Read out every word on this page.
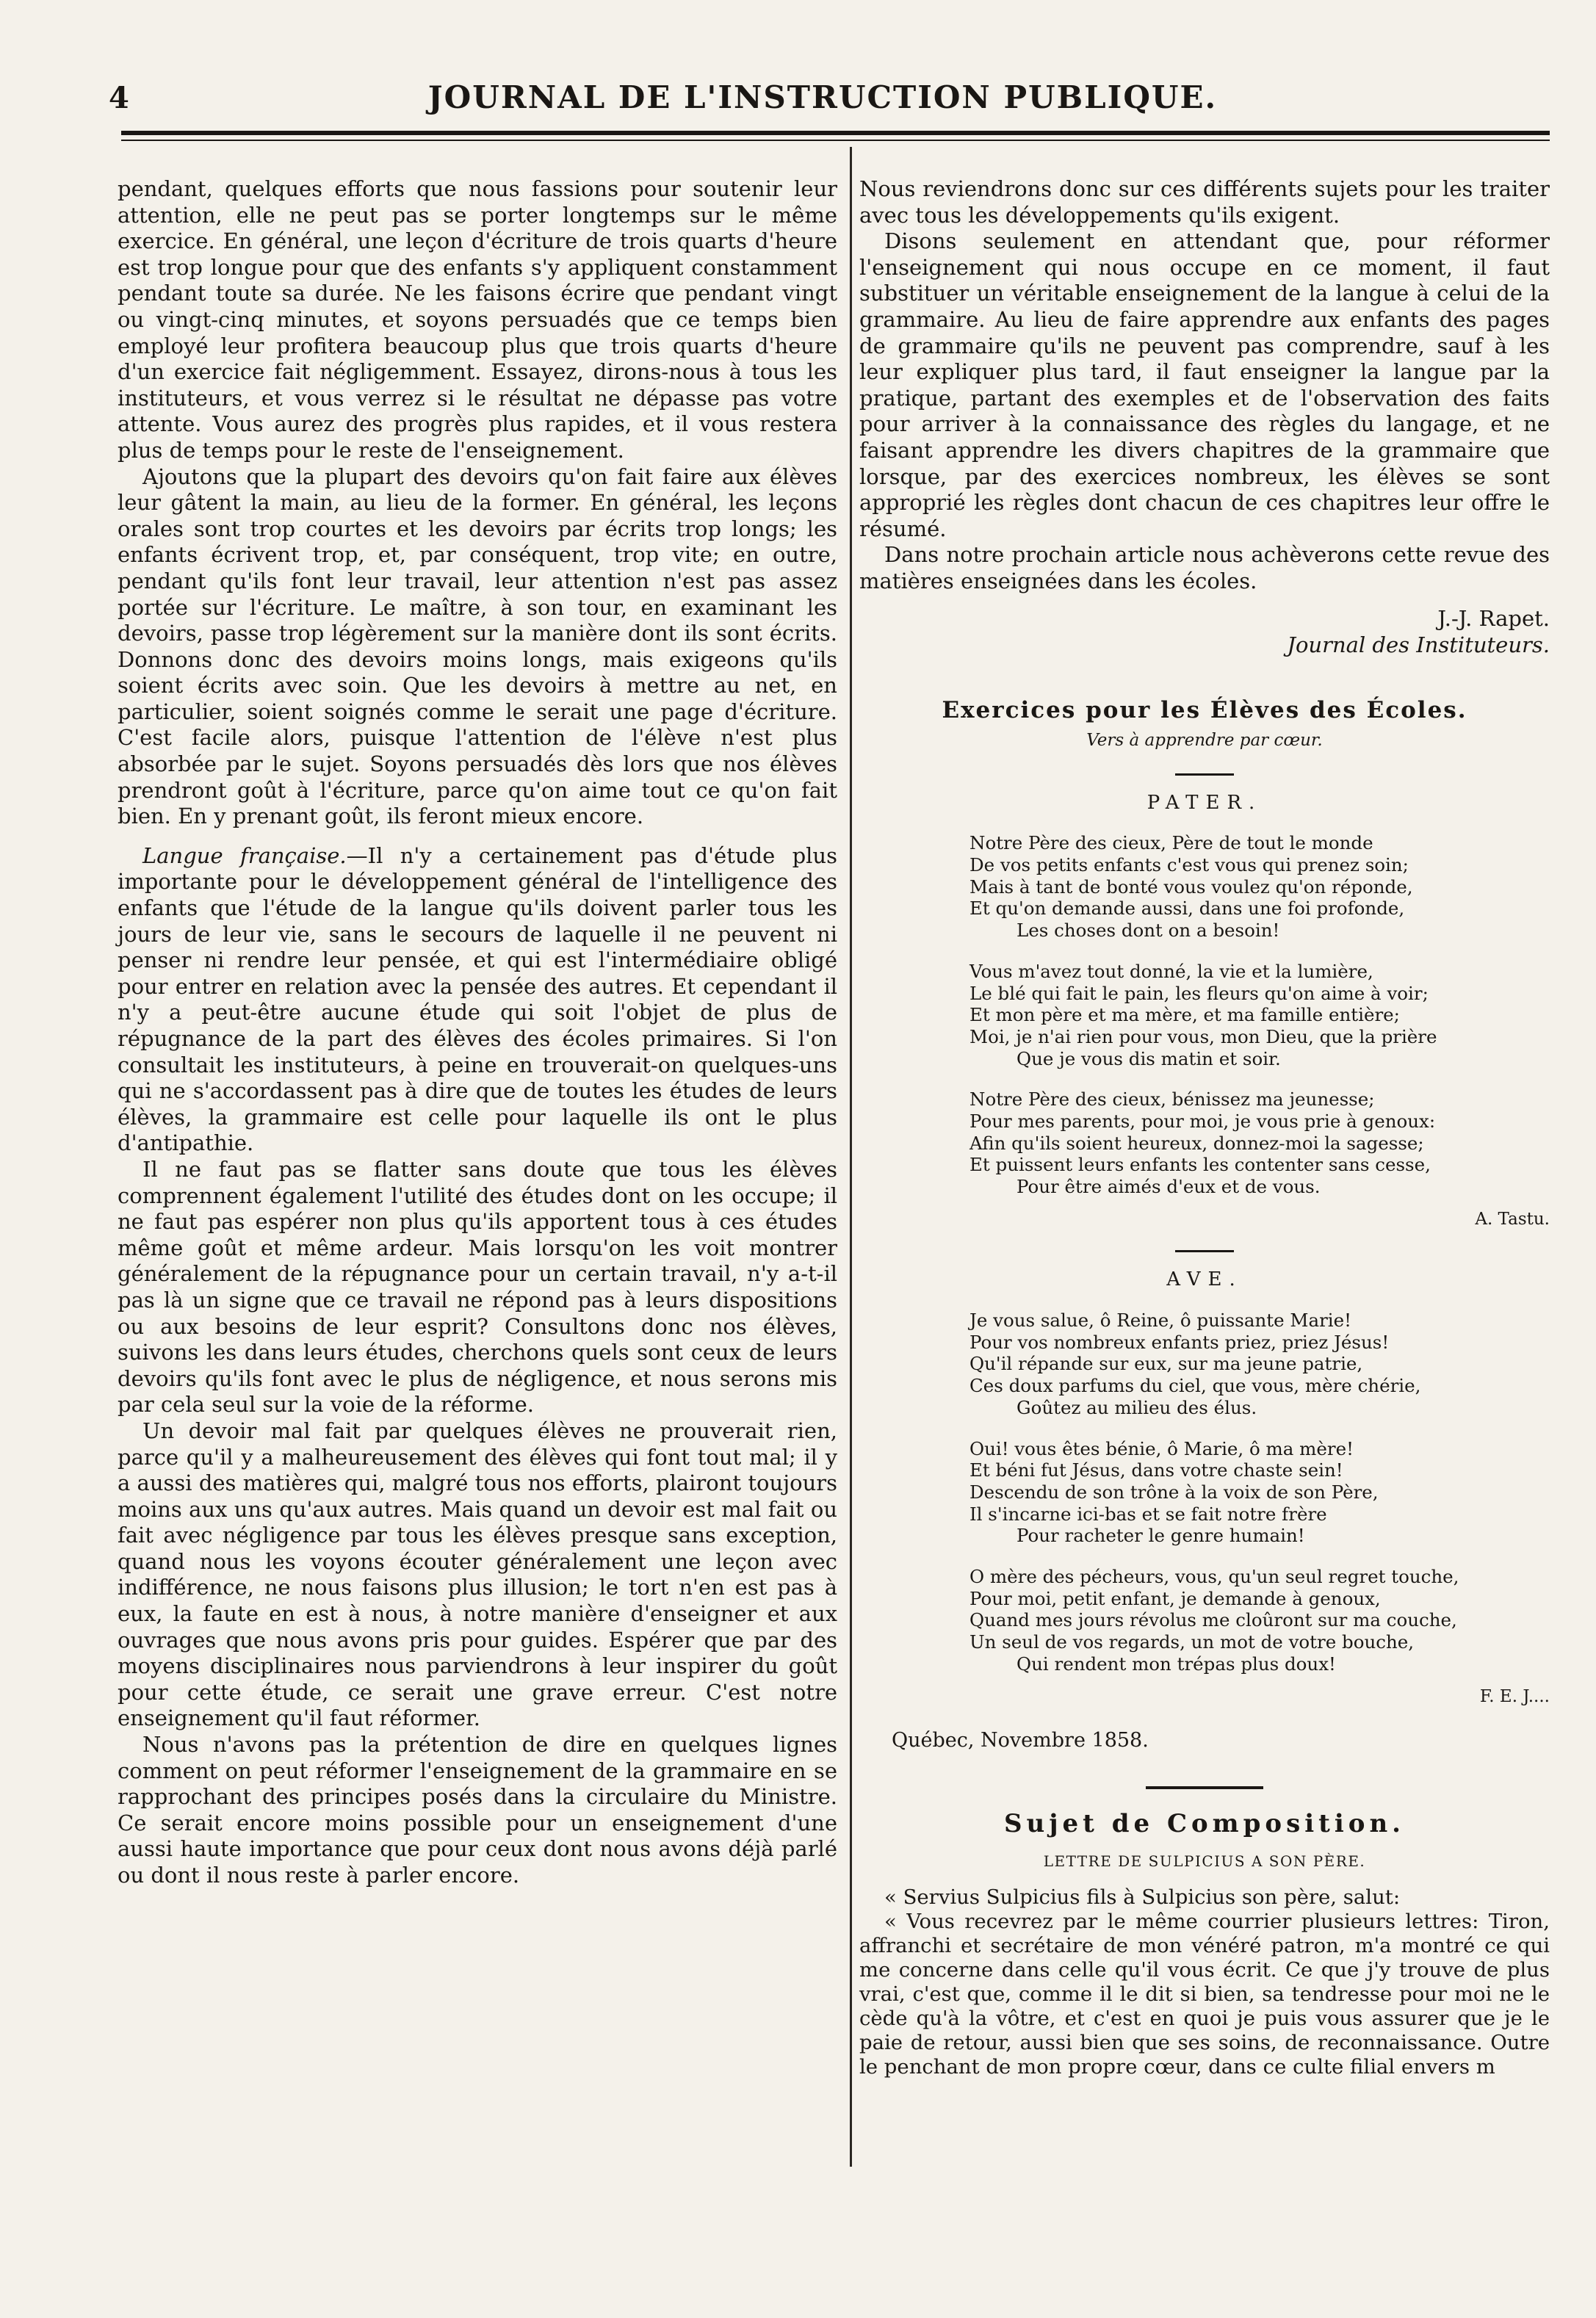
4	JOURNAL DE L'INSTRUCTION PUBLIQUE.

pendant, quelques efforts que nous fassions pour soutenir leur attention, elle ne peut pas se porter longtemps sur le même exercice. En général, une leçon d'écriture de trois quarts d'heure est trop longue pour que des enfants s'y appliquent constamment pendant toute sa durée. Ne les faisons écrire que pendant vingt ou vingt-cinq minutes, et soyons persuadés que ce temps bien employé leur profitera beaucoup plus que trois quarts d'heure d'un exercice fait négligemment. Essayez, dirons-nous à tous les instituteurs, et vous verrez si le résultat ne dépasse pas votre attente. Vous aurez des progrès plus rapides, et il vous restera plus de temps pour le reste de l'enseignement.

Ajoutons que la plupart des devoirs qu'on fait faire aux élèves leur gâtent la main, au lieu de la former. En général, les leçons orales sont trop courtes et les devoirs par écrits trop longs; les enfants écrivent trop, et, par conséquent, trop vite; en outre, pendant qu'ils font leur travail, leur attention n'est pas assez portée sur l'écriture. Le maître, à son tour, en examinant les devoirs, passe trop légèrement sur la manière dont ils sont écrits. Donnons donc des devoirs moins longs, mais exigeons qu'ils soient écrits avec soin. Que les devoirs à mettre au net, en particulier, soient soignés comme le serait une page d'écriture. C'est facile alors, puisque l'attention de l'élève n'est plus absorbée par le sujet. Soyons persuadés dès lors que nos élèves prendront goût à l'écriture, parce qu'on aime tout ce qu'on fait bien. En y prenant goût, ils feront mieux encore.

Langue française.—Il n'y a certainement pas d'étude plus importante pour le développement général de l'intelligence des enfants que l'étude de la langue qu'ils doivent parler tous les jours de leur vie, sans le secours de laquelle il ne peuvent ni penser ni rendre leur pensée, et qui est l'intermédiaire obligé pour entrer en relation avec la pensée des autres. Et cependant il n'y a peut-être aucune étude qui soit l'objet de plus de répugnance de la part des élèves des écoles primaires. Si l'on consultait les instituteurs, à peine en trouverait-on quelques-uns qui ne s'accordassent pas à dire que de toutes les études de leurs élèves, la grammaire est celle pour laquelle ils ont le plus d'antipathie.

Il ne faut pas se flatter sans doute que tous les élèves comprennent également l'utilité des études dont on les occupe; il ne faut pas espérer non plus qu'ils apportent tous à ces études même goût et même ardeur. Mais lorsqu'on les voit montrer généralement de la répugnance pour un certain travail, n'y a-t-il pas là un signe que ce travail ne répond pas à leurs dispositions ou aux besoins de leur esprit? Consultons donc nos élèves, suivons les dans leurs études, cherchons quels sont ceux de leurs devoirs qu'ils font avec le plus de négligence, et nous serons mis par cela seul sur la voie de la réforme.

Un devoir mal fait par quelques élèves ne prouverait rien, parce qu'il y a malheureusement des élèves qui font tout mal; il y a aussi des matières qui, malgré tous nos efforts, plairont toujours moins aux uns qu'aux autres. Mais quand un devoir est mal fait ou fait avec négligence par tous les élèves presque sans exception, quand nous les voyons écouter généralement une leçon avec indifférence, ne nous faisons plus illusion; le tort n'en est pas à eux, la faute en est à nous, à notre manière d'enseigner et aux ouvrages que nous avons pris pour guides. Espérer que par des moyens disciplinaires nous parviendrons à leur inspirer du goût pour cette étude, ce serait une grave erreur. C'est notre enseignement qu'il faut réformer.

Nous n'avons pas la prétention de dire en quelques lignes comment on peut réformer l'enseignement de la grammaire en se rapprochant des principes posés dans la circulaire du Ministre. Ce serait encore moins possible pour un enseignement d'une aussi haute importance que pour ceux dont nous avons déjà parlé ou dont il nous reste à parler encore.

Nous reviendrons donc sur ces différents sujets pour les traiter avec tous les développements qu'ils exigent.

Disons seulement en attendant que, pour réformer l'enseignement qui nous occupe en ce moment, il faut substituer un véritable enseignement de la langue à celui de la grammaire. Au lieu de faire apprendre aux enfants des pages de grammaire qu'ils ne peuvent pas comprendre, sauf à les leur expliquer plus tard, il faut enseigner la langue par la pratique, partant des exemples et de l'observation des faits pour arriver à la connaissance des règles du langage, et ne faisant apprendre les divers chapitres de la grammaire que lorsque, par des exercices nombreux, les élèves se sont approprié les règles dont chacun de ces chapitres leur offre le résumé.

Dans notre prochain article nous achèverons cette revue des matières enseignées dans les écoles.

J.-J. Rapet.
Journal des Instituteurs.
Exercices pour les Élèves des Écoles.
Vers à apprendre par cœur.
PATER.
Notre Père des cieux, Père de tout le monde
De vos petits enfants c'est vous qui prenez soin;
Mais à tant de bonté vous voulez qu'on réponde,
Et qu'on demande aussi, dans une foi profonde,
Les choses dont on a besoin!
Vous m'avez tout donné, la vie et la lumière,
Le blé qui fait le pain, les fleurs qu'on aime à voir;
Et mon père et ma mère, et ma famille entière;
Moi, je n'ai rien pour vous, mon Dieu, que la prière
Que je vous dis matin et soir.
Notre Père des cieux, bénissez ma jeunesse;
Pour mes parents, pour moi, je vous prie à genoux:
Afin qu'ils soient heureux, donnez-moi la sagesse;
Et puissent leurs enfants les contenter sans cesse,
Pour être aimés d'eux et de vous.
A. Tastu.
AVE.
Je vous salue, ô Reine, ô puissante Marie!
Pour vos nombreux enfants priez, priez Jésus!
Qu'il répande sur eux, sur ma jeune patrie,
Ces doux parfums du ciel, que vous, mère chérie,
Goûtez au milieu des élus.
Oui! vous êtes bénie, ô Marie, ô ma mère!
Et béni fut Jésus, dans votre chaste sein!
Descendu de son trône à la voix de son Père,
Il s'incarne ici-bas et se fait notre frère
Pour racheter le genre humain!
O mère des pécheurs, vous, qu'un seul regret touche,
Pour moi, petit enfant, je demande à genoux,
Quand mes jours révolus me cloûront sur ma couche,
Un seul de vos regards, un mot de votre bouche,
Qui rendent mon trépas plus doux!
F. E. J....
Québec, Novembre 1858.
Sujet de Composition.
LETTRE DE SULPICIUS A SON PÈRE.

« Servius Sulpicius fils à Sulpicius son père, salut:

« Vous recevrez par le même courrier plusieurs lettres: Tiron, affranchi et secrétaire de mon vénéré patron, m'a montré ce qui me concerne dans celle qu'il vous écrit. Ce que j'y trouve de plus vrai, c'est que, comme il le dit si bien, sa tendresse pour moi ne le cède qu'à la vôtre, et c'est en quoi je puis vous assurer que je le paie de retour, aussi bien que ses soins, de reconnaissance. Outre le penchant de mon propre cœur, dans ce culte filial envers m
